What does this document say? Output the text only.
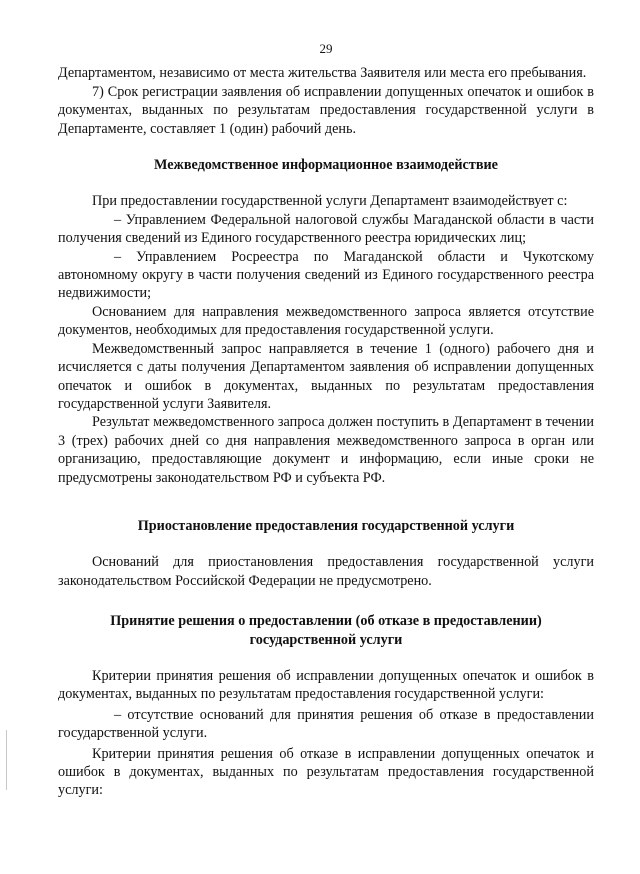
29

Департаментом, независимо от места жительства Заявителя или места его пребывания.

7) Срок регистрации заявления об исправлении допущенных опечаток и ошибок в документах, выданных по результатам предоставления государственной услуги в Департаменте, составляет 1 (один) рабочий день.

Межведомственное информационное взаимодействие

При предоставлении государственной услуги Департамент взаимодействует с:

– Управлением Федеральной налоговой службы Магаданской области в части получения сведений из Единого государственного реестра юридических лиц;

– Управлением Росреестра по Магаданской области и Чукотскому автономному округу в части получения сведений из Единого государственного реестра недвижимости;

Основанием для направления межведомственного запроса является отсутствие документов, необходимых для предоставления государственной услуги.

Межведомственный запрос направляется в течение 1 (одного) рабочего дня и исчисляется с даты получения Департаментом заявления об исправлении допущенных опечаток и ошибок в документах, выданных по результатам предоставления государственной услуги Заявителя.

Результат межведомственного запроса должен поступить в Департамент в течении 3 (трех) рабочих дней со дня направления межведомственного запроса в орган или организацию, предоставляющие документ и информацию, если иные сроки не предусмотрены законодательством РФ и субъекта РФ.

Приостановление предоставления государственной услуги

Оснований для приостановления предоставления государственной услуги законодательством Российской Федерации не предусмотрено.

Принятие решения о предоставлении (об отказе в предоставлении) государственной услуги

Критерии принятия решения об исправлении допущенных опечаток и ошибок в документах, выданных по результатам предоставления государственной услуги:

– отсутствие оснований для принятия решения об отказе в предоставлении государственной услуги.

Критерии принятия решения об отказе в исправлении допущенных опечаток и ошибок в документах, выданных по результатам предоставления государственной услуги:
